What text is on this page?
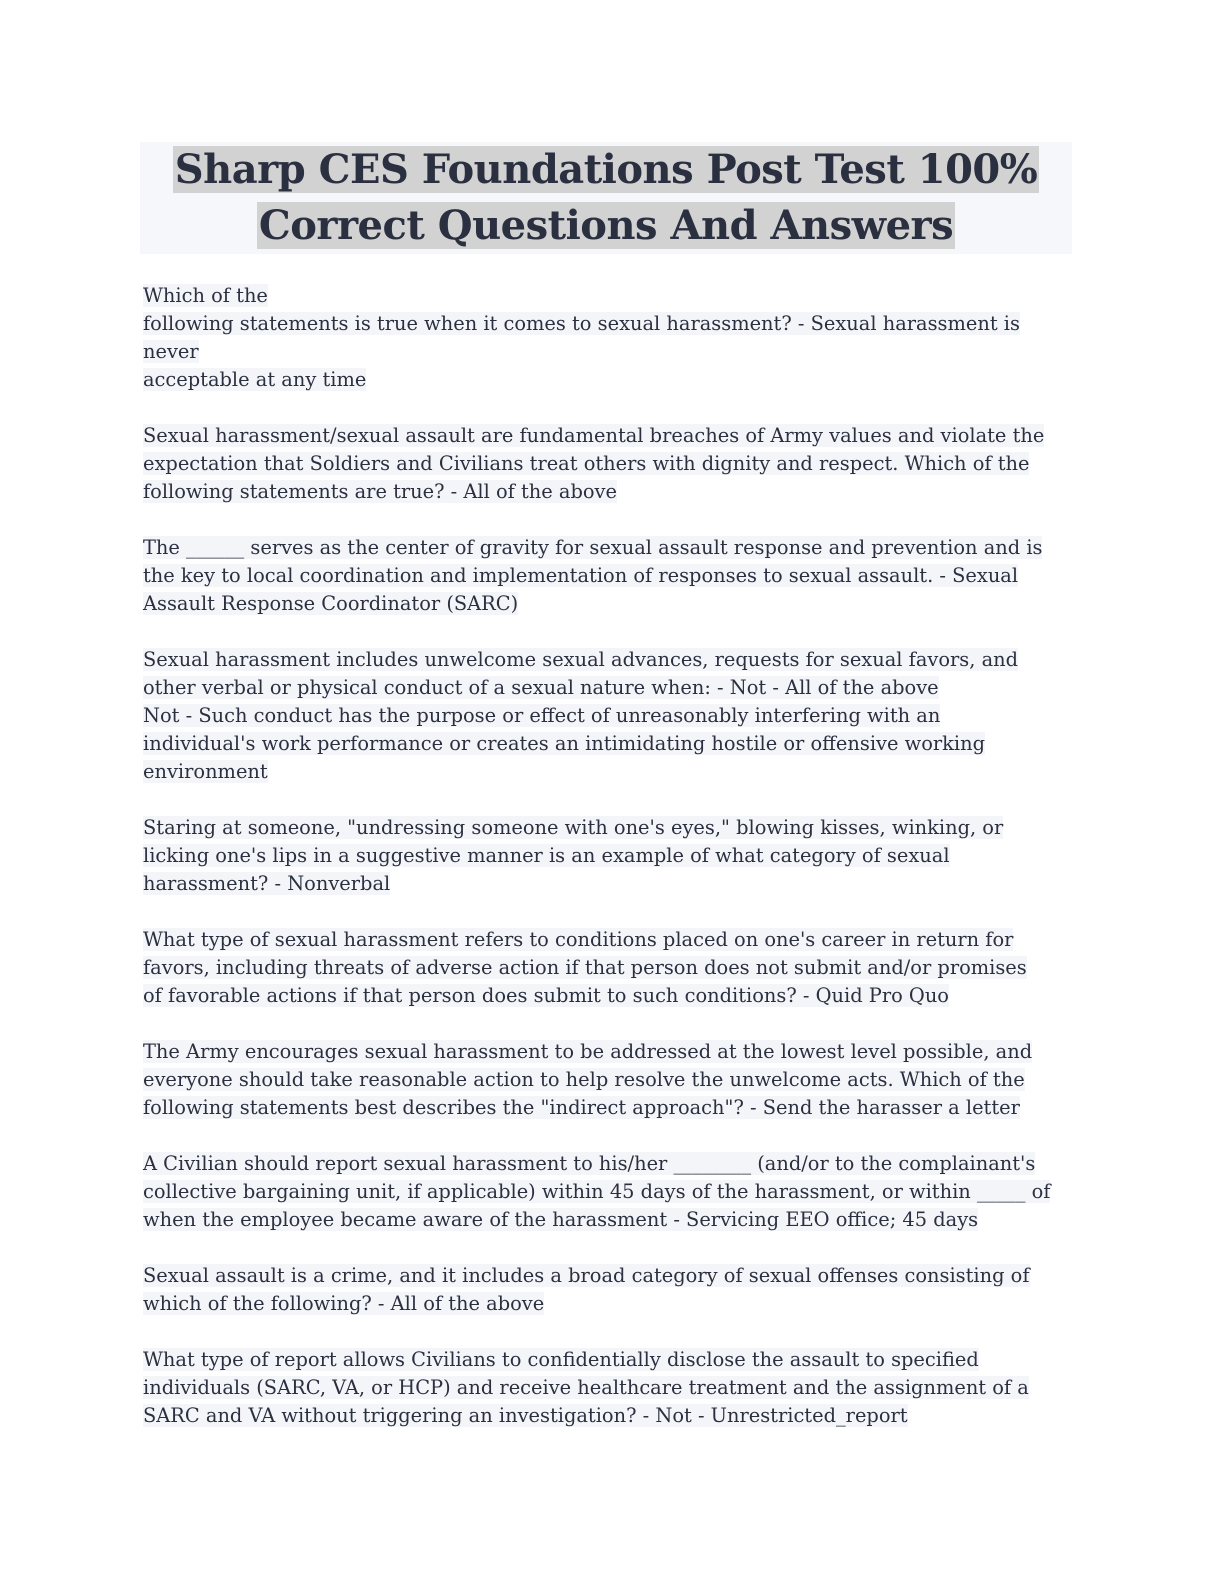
Sharp CES Foundations Post Test 100%
Correct Questions And Answers
Which of the
following statements is true when it comes to sexual harassment? - Sexual harassment is
never
acceptable at any time
Sexual harassment/sexual assault are fundamental breaches of Army values and violate the
expectation that Soldiers and Civilians treat others with dignity and respect. Which of the
following statements are true? - All of the above
The ______ serves as the center of gravity for sexual assault response and prevention and is
the key to local coordination and implementation of responses to sexual assault. - Sexual
Assault Response Coordinator (SARC)
Sexual harassment includes unwelcome sexual advances, requests for sexual favors, and
other verbal or physical conduct of a sexual nature when: - Not - All of the above
Not - Such conduct has the purpose or effect of unreasonably interfering with an
individual's work performance or creates an intimidating hostile or offensive working
environment
Staring at someone, "undressing someone with one's eyes," blowing kisses, winking, or
licking one's lips in a suggestive manner is an example of what category of sexual
harassment? - Nonverbal
What type of sexual harassment refers to conditions placed on one's career in return for
favors, including threats of adverse action if that person does not submit and/or promises
of favorable actions if that person does submit to such conditions? - Quid Pro Quo
The Army encourages sexual harassment to be addressed at the lowest level possible, and
everyone should take reasonable action to help resolve the unwelcome acts. Which of the
following statements best describes the "indirect approach"? - Send the harasser a letter
A Civilian should report sexual harassment to his/her ________ (and/or to the complainant's
collective bargaining unit, if applicable) within 45 days of the harassment, or within _____ of
when the employee became aware of the harassment - Servicing EEO office; 45 days
Sexual assault is a crime, and it includes a broad category of sexual offenses consisting of
which of the following? - All of the above
What type of report allows Civilians to confidentially disclose the assault to specified
individuals (SARC, VA, or HCP) and receive healthcare treatment and the assignment of a
SARC and VA without triggering an investigation? - Not - Unrestricted_report
